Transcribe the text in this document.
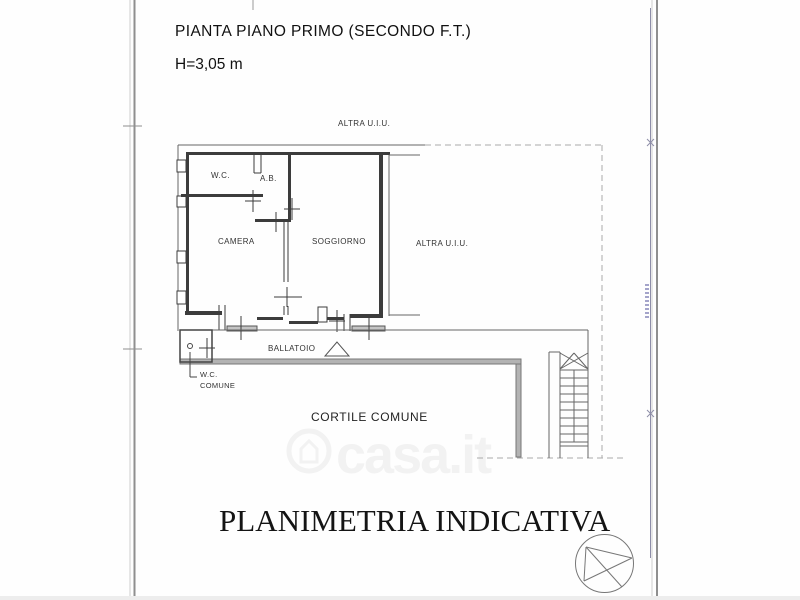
casa.it
PIANTA PIANO PRIMO (SECONDO F.T.)
H=3,05 m
ALTRA U.I.U.
W.C.	A.B.
CAMERA	SOGGIORNO	ALTRA U.I.U.
BALLATOIO
W.C.
COMUNE
CORTILE COMUNE
PLANIMETRIA INDICATIVA
